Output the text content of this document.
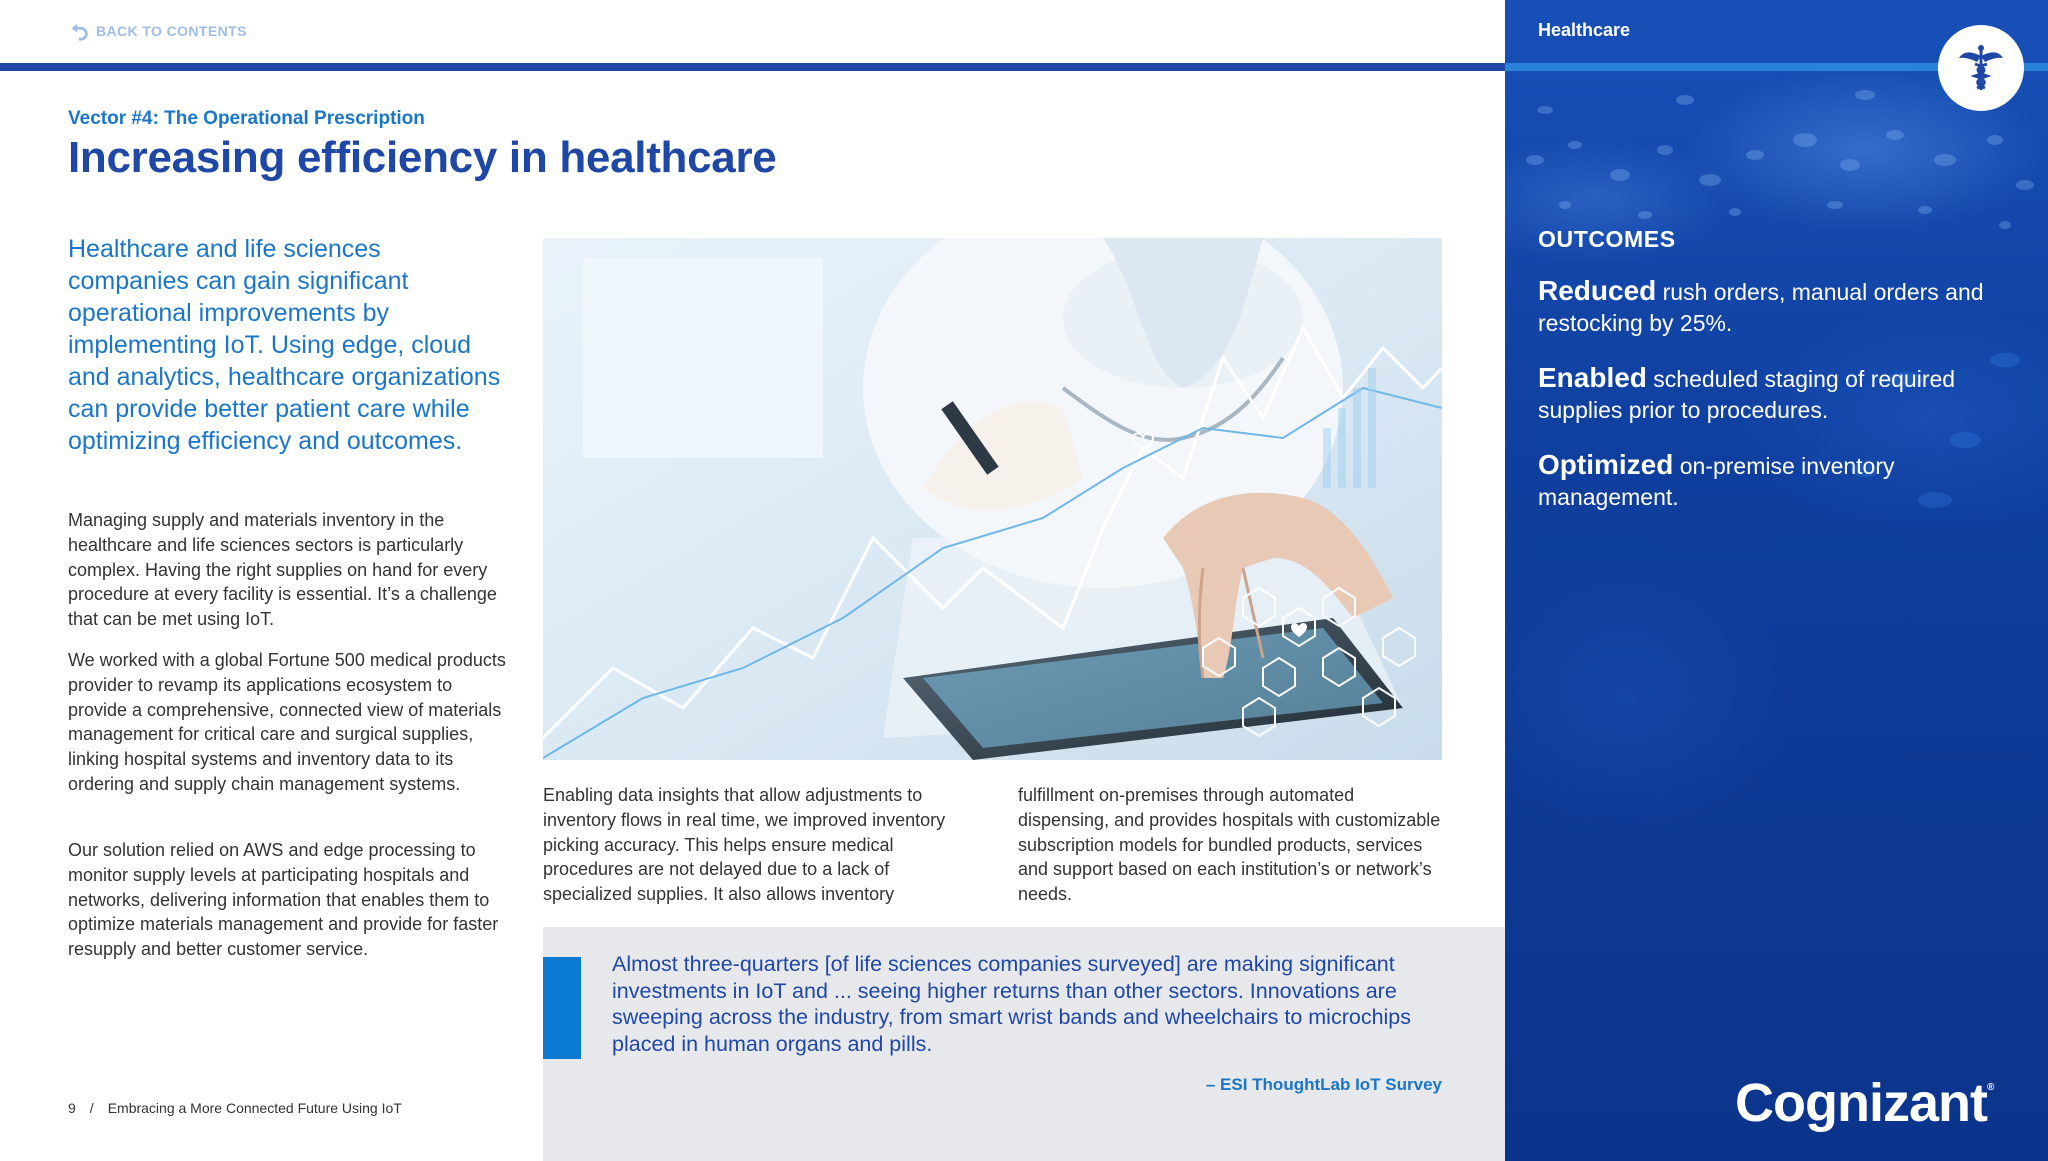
BACK TO CONTENTS	Healthcare
OUTCOMES
Reduced rush orders, manual orders and restocking by 25%.
Enabled scheduled staging of required supplies prior to procedures.
Optimized on-premise inventory management.
Cognizant®
Vector #4: The Operational Prescription
Increasing efficiency in healthcare
Healthcare and life sciences companies can gain significant operational improvements by implementing IoT. Using edge, cloud and analytics, healthcare organizations can provide better patient care while optimizing efficiency and outcomes.

Managing supply and materials inventory in the healthcare and life sciences sectors is particularly complex. Having the right supplies on hand for every procedure at every facility is essential. It’s a challenge that can be met using IoT.

We worked with a global Fortune 500 medical products provider to revamp its applications ecosystem to provide a comprehensive, connected view of materials management for critical care and surgical supplies, linking hospital systems and inventory data to its ordering and supply chain management systems.

Our solution relied on AWS and edge processing to monitor supply levels at participating hospitals and networks, delivering information that enables them to optimize materials management and provide for faster resupply and better customer service.

Enabling data insights that allow adjustments to inventory flows in real time, we improved inventory picking accuracy. This helps ensure medical procedures are not delayed due to a lack of specialized supplies. It also allows inventory

fulfillment on-premises through automated dispensing, and provides hospitals with customizable subscription models for bundled products, services and support based on each institution’s or network’s needs.

Almost three-quarters [of life sciences companies surveyed] are making significant investments in IoT and ... seeing higher returns than other sectors. Innovations are sweeping across the industry, from smart wrist bands and wheelchairs to microchips placed in human organs and pills.
– ESI ThoughtLab IoT Survey
9 / Embracing a More Connected Future Using IoT
